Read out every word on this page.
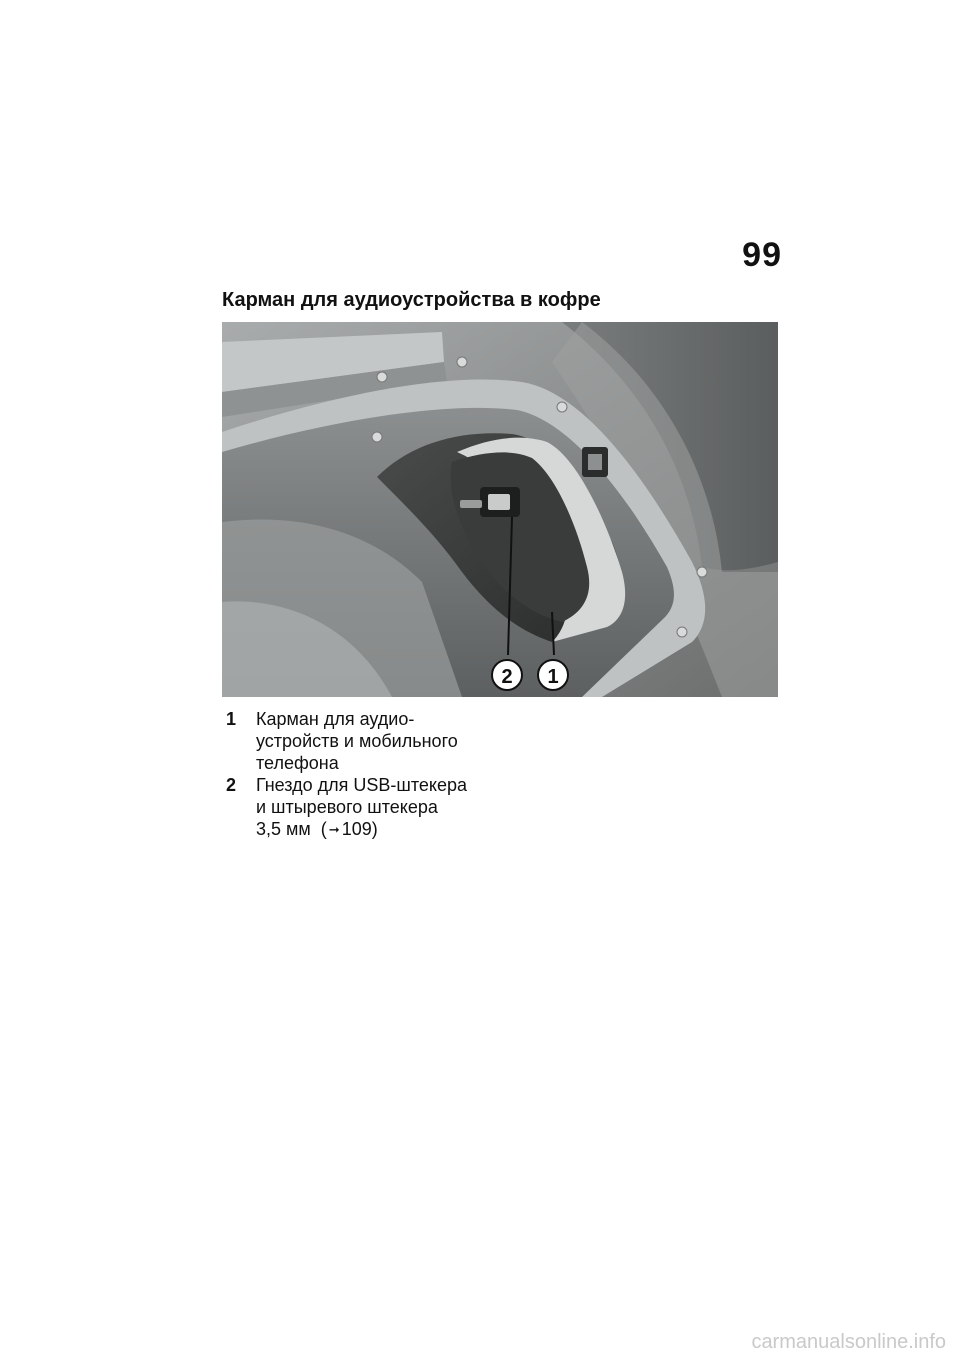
99
Карман для аудиоустройства в кофре
2 1
1	Карман для аудио-
устройств и мобильного
телефона
2	Гнездо для USB-штекера
и штыревого штекера
3,5 мм  ( ➞ 109)
carmanualsonline.info
